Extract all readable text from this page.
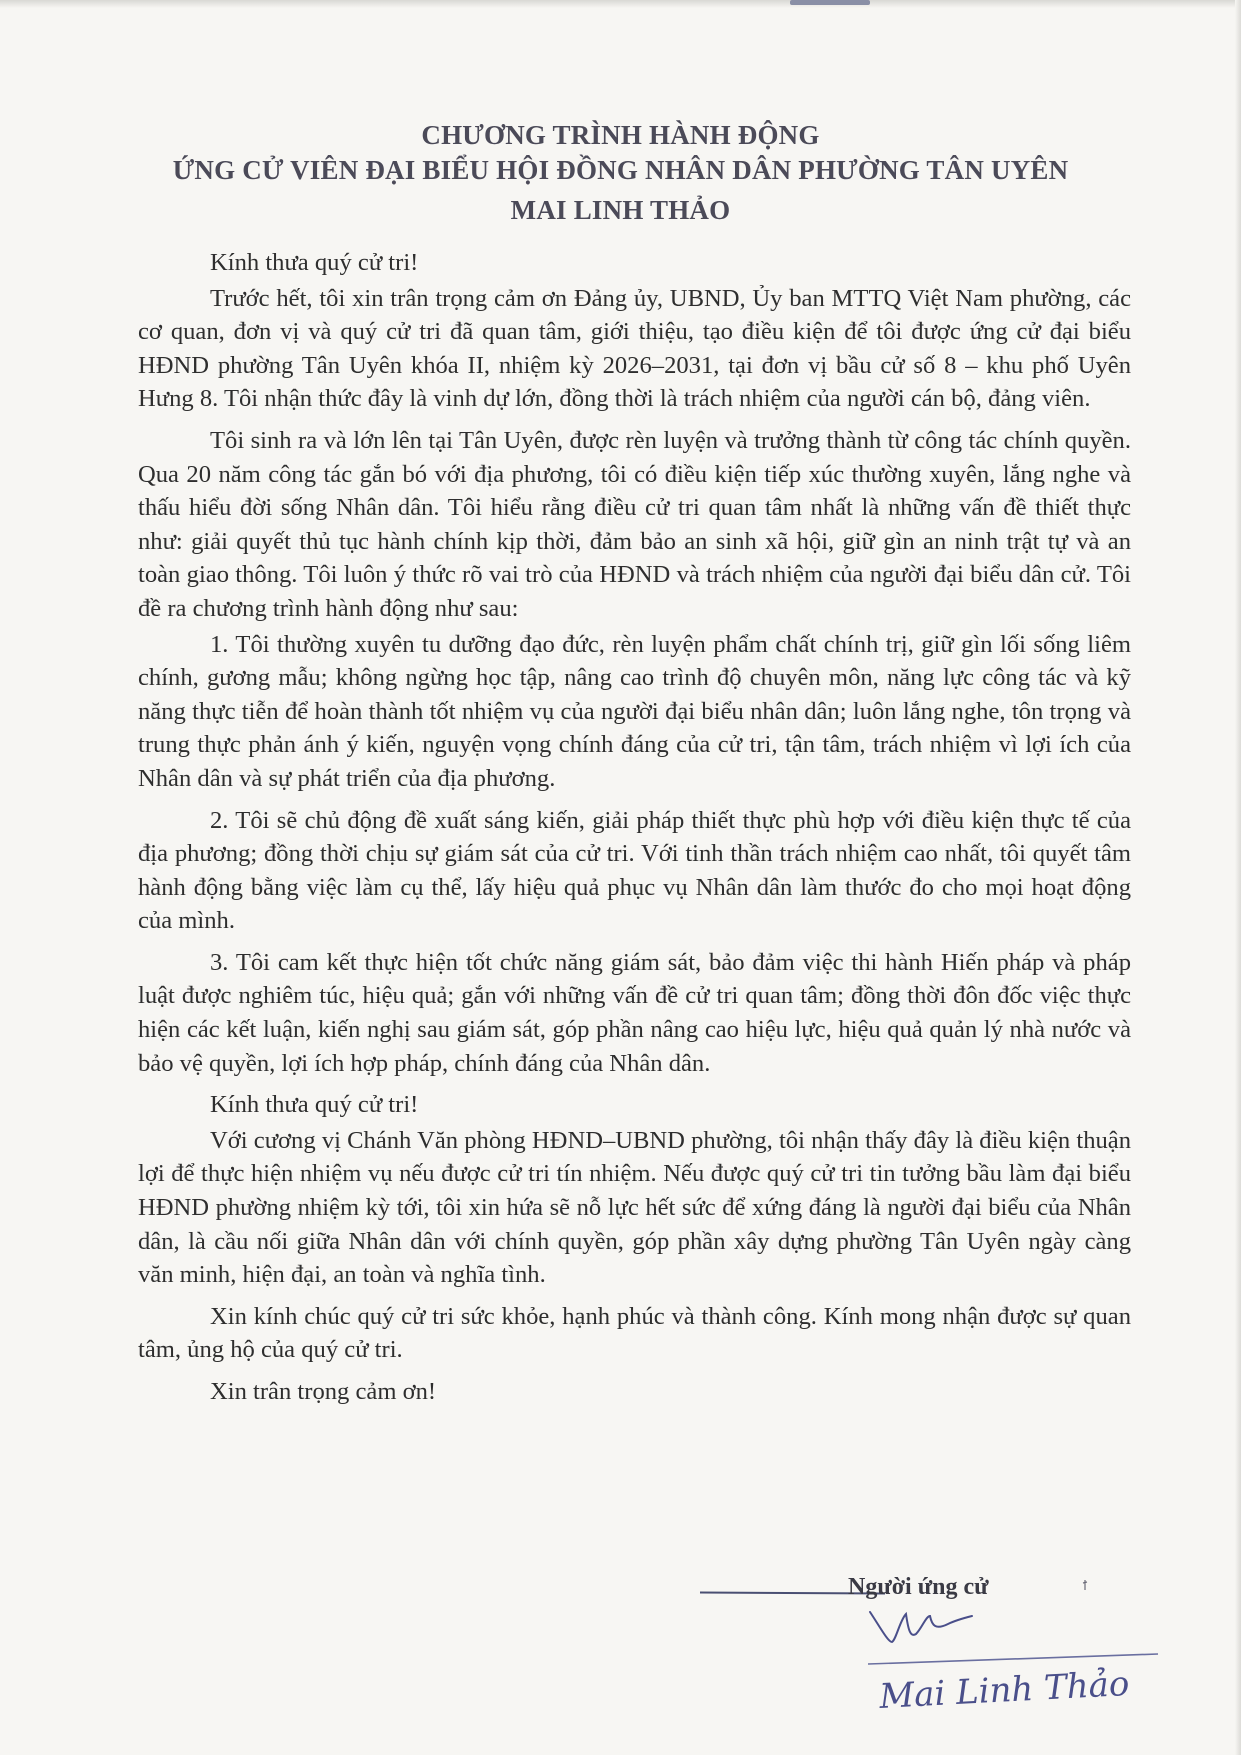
CHƯƠNG TRÌNH HÀNH ĐỘNG
ỨNG CỬ VIÊN ĐẠI BIỂU HỘI ĐỒNG NHÂN DÂN PHƯỜNG TÂN UYÊN
MAI LINH THẢO

Kính thưa quý cử tri!

Trước hết, tôi xin trân trọng cảm ơn Đảng ủy, UBND, Ủy ban MTTQ Việt Nam phường, các cơ quan, đơn vị và quý cử tri đã quan tâm, giới thiệu, tạo điều kiện để tôi được ứng cử đại biểu HĐND phường Tân Uyên khóa II, nhiệm kỳ 2026–2031, tại đơn vị bầu cử số 8 – khu phố Uyên Hưng 8. Tôi nhận thức đây là vinh dự lớn, đồng thời là trách nhiệm của người cán bộ, đảng viên.

Tôi sinh ra và lớn lên tại Tân Uyên, được rèn luyện và trưởng thành từ công tác chính quyền. Qua 20 năm công tác gắn bó với địa phương, tôi có điều kiện tiếp xúc thường xuyên, lắng nghe và thấu hiểu đời sống Nhân dân. Tôi hiểu rằng điều cử tri quan tâm nhất là những vấn đề thiết thực như: giải quyết thủ tục hành chính kịp thời, đảm bảo an sinh xã hội, giữ gìn an ninh trật tự và an toàn giao thông. Tôi luôn ý thức rõ vai trò của HĐND và trách nhiệm của người đại biểu dân cử. Tôi đề ra chương trình hành động như sau:

1. Tôi thường xuyên tu dưỡng đạo đức, rèn luyện phẩm chất chính trị, giữ gìn lối sống liêm chính, gương mẫu; không ngừng học tập, nâng cao trình độ chuyên môn, năng lực công tác và kỹ năng thực tiễn để hoàn thành tốt nhiệm vụ của người đại biểu nhân dân; luôn lắng nghe, tôn trọng và trung thực phản ánh ý kiến, nguyện vọng chính đáng của cử tri, tận tâm, trách nhiệm vì lợi ích của Nhân dân và sự phát triển của địa phương.

2. Tôi sẽ chủ động đề xuất sáng kiến, giải pháp thiết thực phù hợp với điều kiện thực tế của địa phương; đồng thời chịu sự giám sát của cử tri. Với tinh thần trách nhiệm cao nhất, tôi quyết tâm hành động bằng việc làm cụ thể, lấy hiệu quả phục vụ Nhân dân làm thước đo cho mọi hoạt động của mình.

3. Tôi cam kết thực hiện tốt chức năng giám sát, bảo đảm việc thi hành Hiến pháp và pháp luật được nghiêm túc, hiệu quả; gắn với những vấn đề cử tri quan tâm; đồng thời đôn đốc việc thực hiện các kết luận, kiến nghị sau giám sát, góp phần nâng cao hiệu lực, hiệu quả quản lý nhà nước và bảo vệ quyền, lợi ích hợp pháp, chính đáng của Nhân dân.

Kính thưa quý cử tri!

Với cương vị Chánh Văn phòng HĐND–UBND phường, tôi nhận thấy đây là điều kiện thuận lợi để thực hiện nhiệm vụ nếu được cử tri tín nhiệm. Nếu được quý cử tri tin tưởng bầu làm đại biểu HĐND phường nhiệm kỳ tới, tôi xin hứa sẽ nỗ lực hết sức để xứng đáng là người đại biểu của Nhân dân, là cầu nối giữa Nhân dân với chính quyền, góp phần xây dựng phường Tân Uyên ngày càng văn minh, hiện đại, an toàn và nghĩa tình.

Xin kính chúc quý cử tri sức khỏe, hạnh phúc và thành công. Kính mong nhận được sự quan tâm, ủng hộ của quý cử tri.

Xin trân trọng cảm ơn!

Người ứng cử
Mai Linh Thảo
